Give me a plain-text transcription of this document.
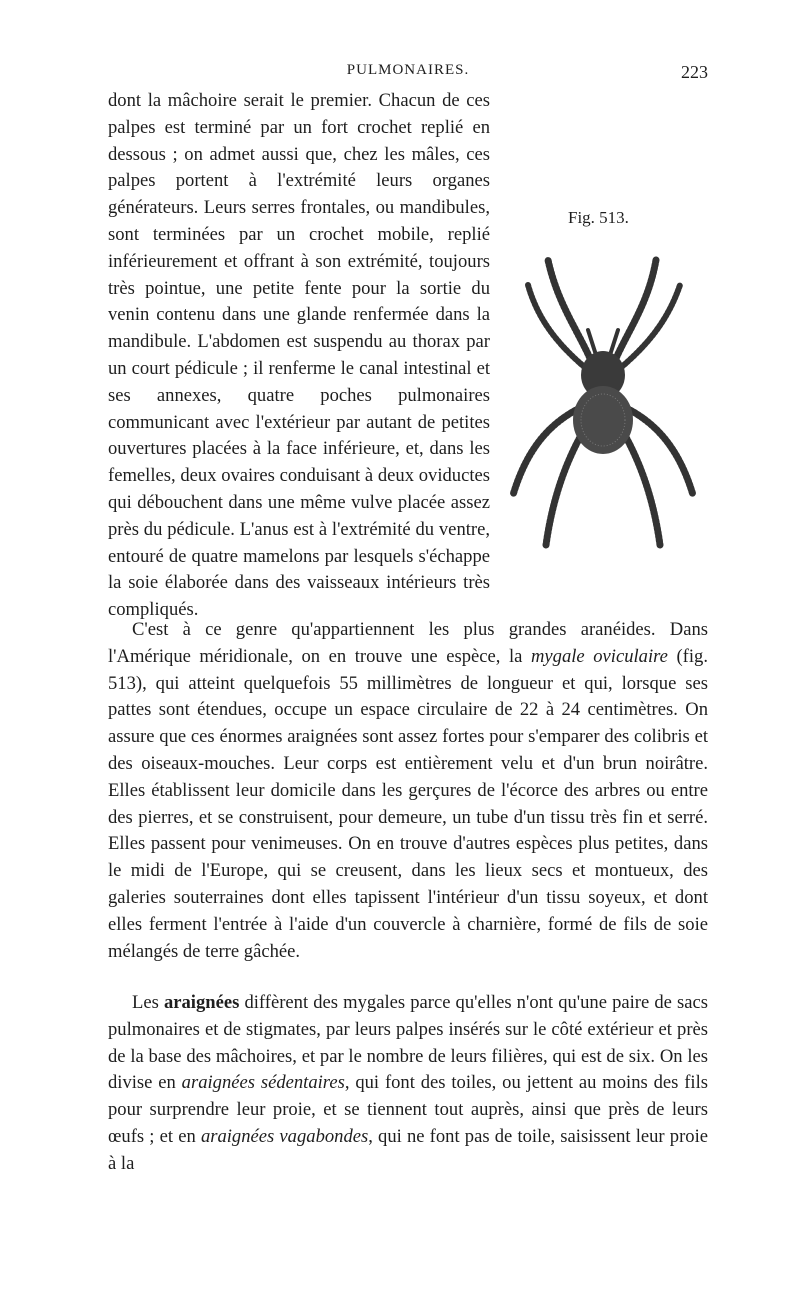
PULMONAIRES.	223

dont la mâchoire serait le premier. Chacun de ces palpes est terminé par un fort crochet replié en dessous ; on admet aussi que, chez les mâles, ces palpes portent à l'extrémité leurs organes générateurs. Leurs serres frontales, ou mandibules, sont terminées par un crochet mobile, replié inférieurement et offrant à son extrémité, toujours très pointue, une petite fente pour la sortie du venin contenu dans une glande renfermée dans la mandibule. L'abdomen est suspendu au thorax par un court pédicule ; il renferme le canal intestinal et ses annexes, quatre poches pulmonaires communicant avec l'extérieur par autant de petites ouvertures placées à la face inférieure, et, dans les femelles, deux ovaires conduisant à deux oviductes qui débouchent dans une même vulve placée assez près du pédicule. L'anus est à l'extrémité du ventre, entouré de quatre mamelons par lesquels s'échappe la soie élaborée dans des vaisseaux intérieurs très compliqués.

Fig. 513.

C'est à ce genre qu'appartiennent les plus grandes aranéides. Dans l'Amérique méridionale, on en trouve une espèce, la mygale oviculaire (fig. 513), qui atteint quelquefois 55 millimètres de longueur et qui, lorsque ses pattes sont étendues, occupe un espace circulaire de 22 à 24 centimètres. On assure que ces énormes araignées sont assez fortes pour s'emparer des colibris et des oiseaux-mouches. Leur corps est entièrement velu et d'un brun noirâtre. Elles établissent leur domicile dans les gerçures de l'écorce des arbres ou entre des pierres, et se construisent, pour demeure, un tube d'un tissu très fin et serré. Elles passent pour venimeuses. On en trouve d'autres espèces plus petites, dans le midi de l'Europe, qui se creusent, dans les lieux secs et montueux, des galeries souterraines dont elles tapissent l'intérieur d'un tissu soyeux, et dont elles ferment l'entrée à l'aide d'un couvercle à charnière, formé de fils de soie mélangés de terre gâchée.

Les araignées diffèrent des mygales parce qu'elles n'ont qu'une paire de sacs pulmonaires et de stigmates, par leurs palpes insérés sur le côté extérieur et près de la base des mâchoires, et par le nombre de leurs filières, qui est de six. On les divise en araignées sédentaires, qui font des toiles, ou jettent au moins des fils pour surprendre leur proie, et se tiennent tout auprès, ainsi que près de leurs œufs ; et en araignées vagabondes, qui ne font pas de toile, saisissent leur proie à la
